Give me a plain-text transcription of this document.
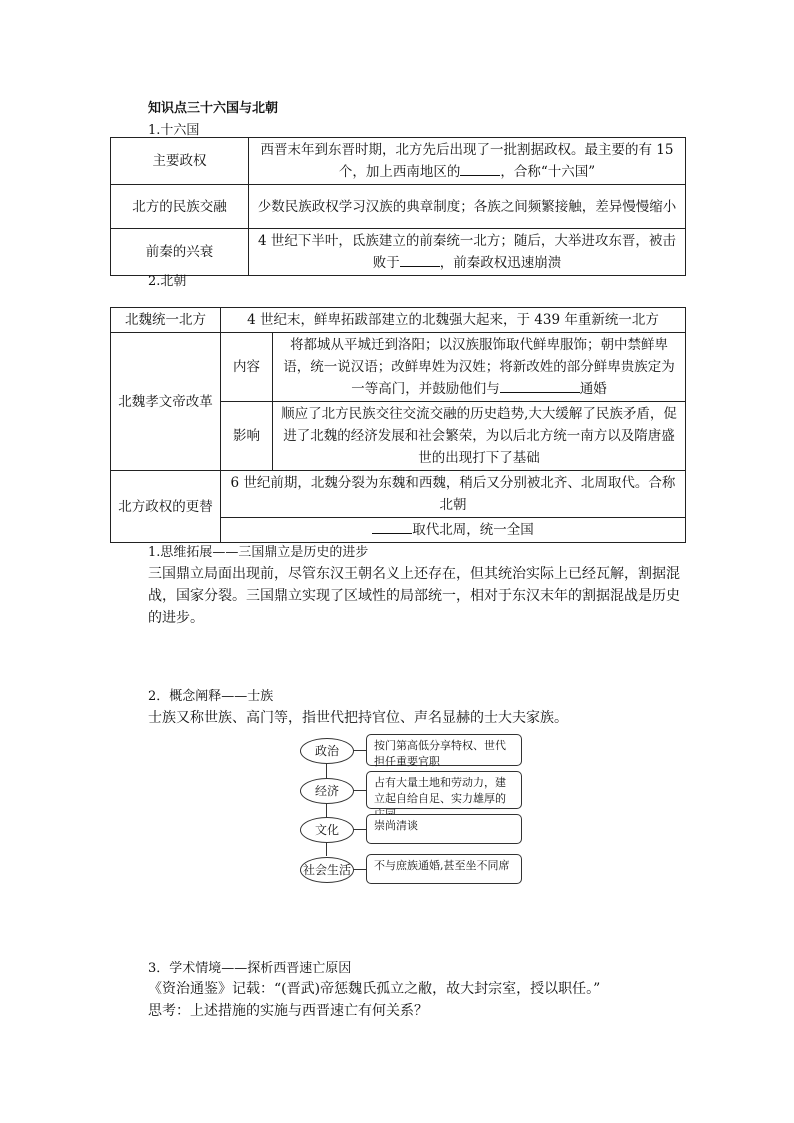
知识点三十六国与北朝
1.十六国
主要政权	西晋末年到东晋时期，北方先后出现了一批割据政权。最主要的有 15 个，加上西南地区的 ，合称“十六国”
北方的民族交融	少数民族政权学习汉族的典章制度；各族之间频繁接触，差异慢慢缩小
前秦的兴衰	4 世纪下半叶，氐族建立的前秦统一北方；随后，大举进攻东晋，被击败于 ，前秦政权迅速崩溃
2.北朝
北魏统一北方	4 世纪末，鲜卑拓跋部建立的北魏强大起来，于 439 年重新统一北方	
北魏孝文帝改革	内容	将都城从平城迁到洛阳；以汉族服饰取代鲜卑服饰；朝中禁鲜卑语，统一说汉语；改鲜卑姓为汉姓；将新改姓的部分鲜卑贵族定为一等高门，并鼓励他们与 通婚
	影响	顺应了北方民族交往交流交融的历史趋势,大大缓解了民族矛盾，促进了北魏的经济发展和社会繁荣，为以后北方统一南方以及隋唐盛世的出现打下了基础
北方政权的更替	6 世纪前期，北魏分裂为东魏和西魏，稍后又分别被北齐、北周取代。合称北朝	
	取代北周，统一全国	
1.思维拓展——三国鼎立是历史的进步
三国鼎立局面出现前，尽管东汉王朝名义上还存在，但其统治实际上已经瓦解，割据混战，国家分裂。三国鼎立实现了区域性的局部统一，相对于东汉末年的割据混战是历史的进步。
2．概念阐释——士族
士族又称世族、高门等，指世代把持官位、声名显赫的士大夫家族。
政治	按门第高低分享特权、世代担任重要官职
经济
占有大量土地和劳动力，建立起自给自足、实力雄厚的
文化	崇尚清谈
社会生活	不与庶族通婚,甚至坐不同席
3．学术情境——探析西晋速亡原因
《资治通鉴》记载：“(晋武)帝惩魏氏孤立之敝，故大封宗室，授以职任。”
思考：上述措施的实施与西晋速亡有何关系？
